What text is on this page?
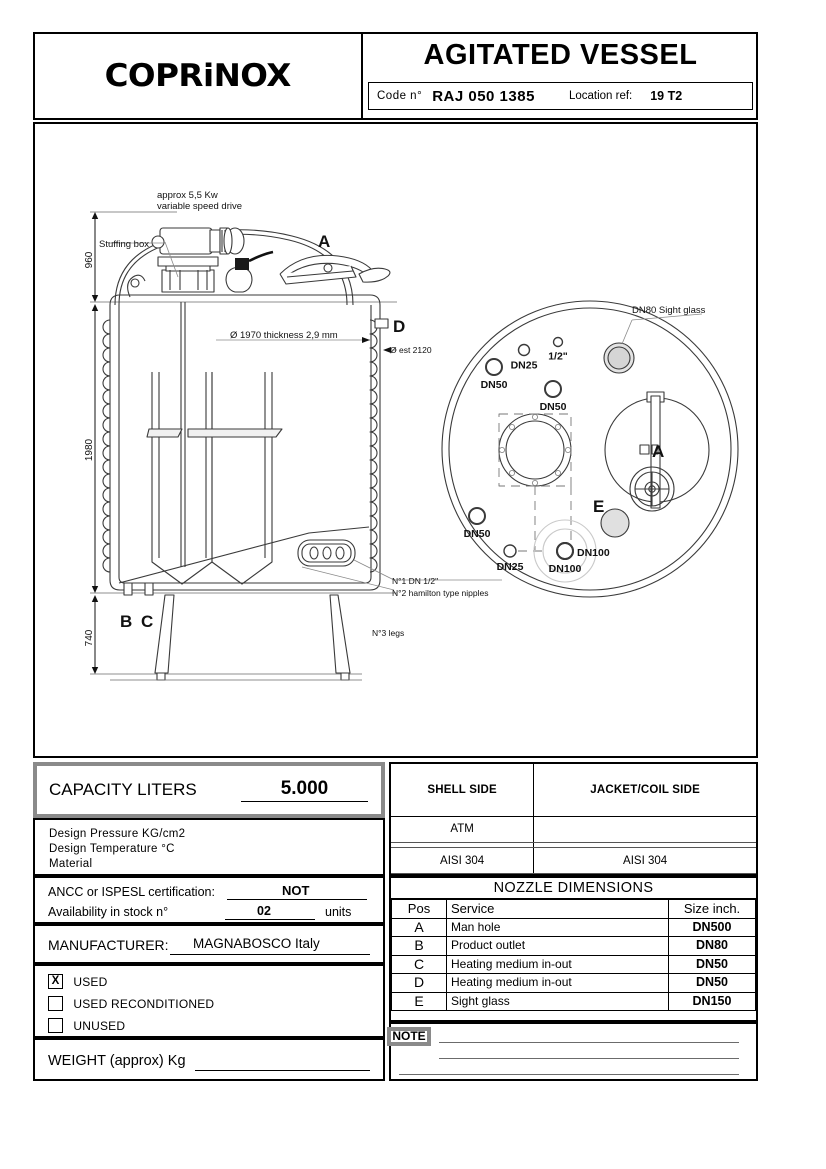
COPRiNOX
AGITATED VESSEL
Code n° RAJ 050 1385	Location ref: 19 T2
approx 5,5 Kw
variable speed drive
Stuffing box
Ø 1970 thickness 2,9 mm
Ø est 2120
960
1980
740
A
B C
D
N°1 DN 1/2"
N°2 hamilton type nipples
N°3 legs
DN80 Sight glass
A
E
DN100
1/2"
DN25
DN50
DN50
DN50
DN25 DN100
CAPACITY LITERS	5.000
Design Pressure KG/cm2
Design Temperature °C
Material
ANCC or ISPESL certification:	NOT
Availability in stock n°	02	units
MANUFACTURER: MAGNABOSCO Italy
X USED
USED RECONDITIONED
UNUSED
WEIGHT (approx) Kg
SHELL SIDE	JACKET/COIL SIDE
ATM	

AISI 304	AISI 304
NOZZLE DIMENSIONS
Pos	Service	Size inch.
A	Man hole	DN500
B	Product outlet	DN80
C	Heating medium in-out	DN50
D	Heating medium in-out	DN50
E	Sight glass	DN150
NOTE
